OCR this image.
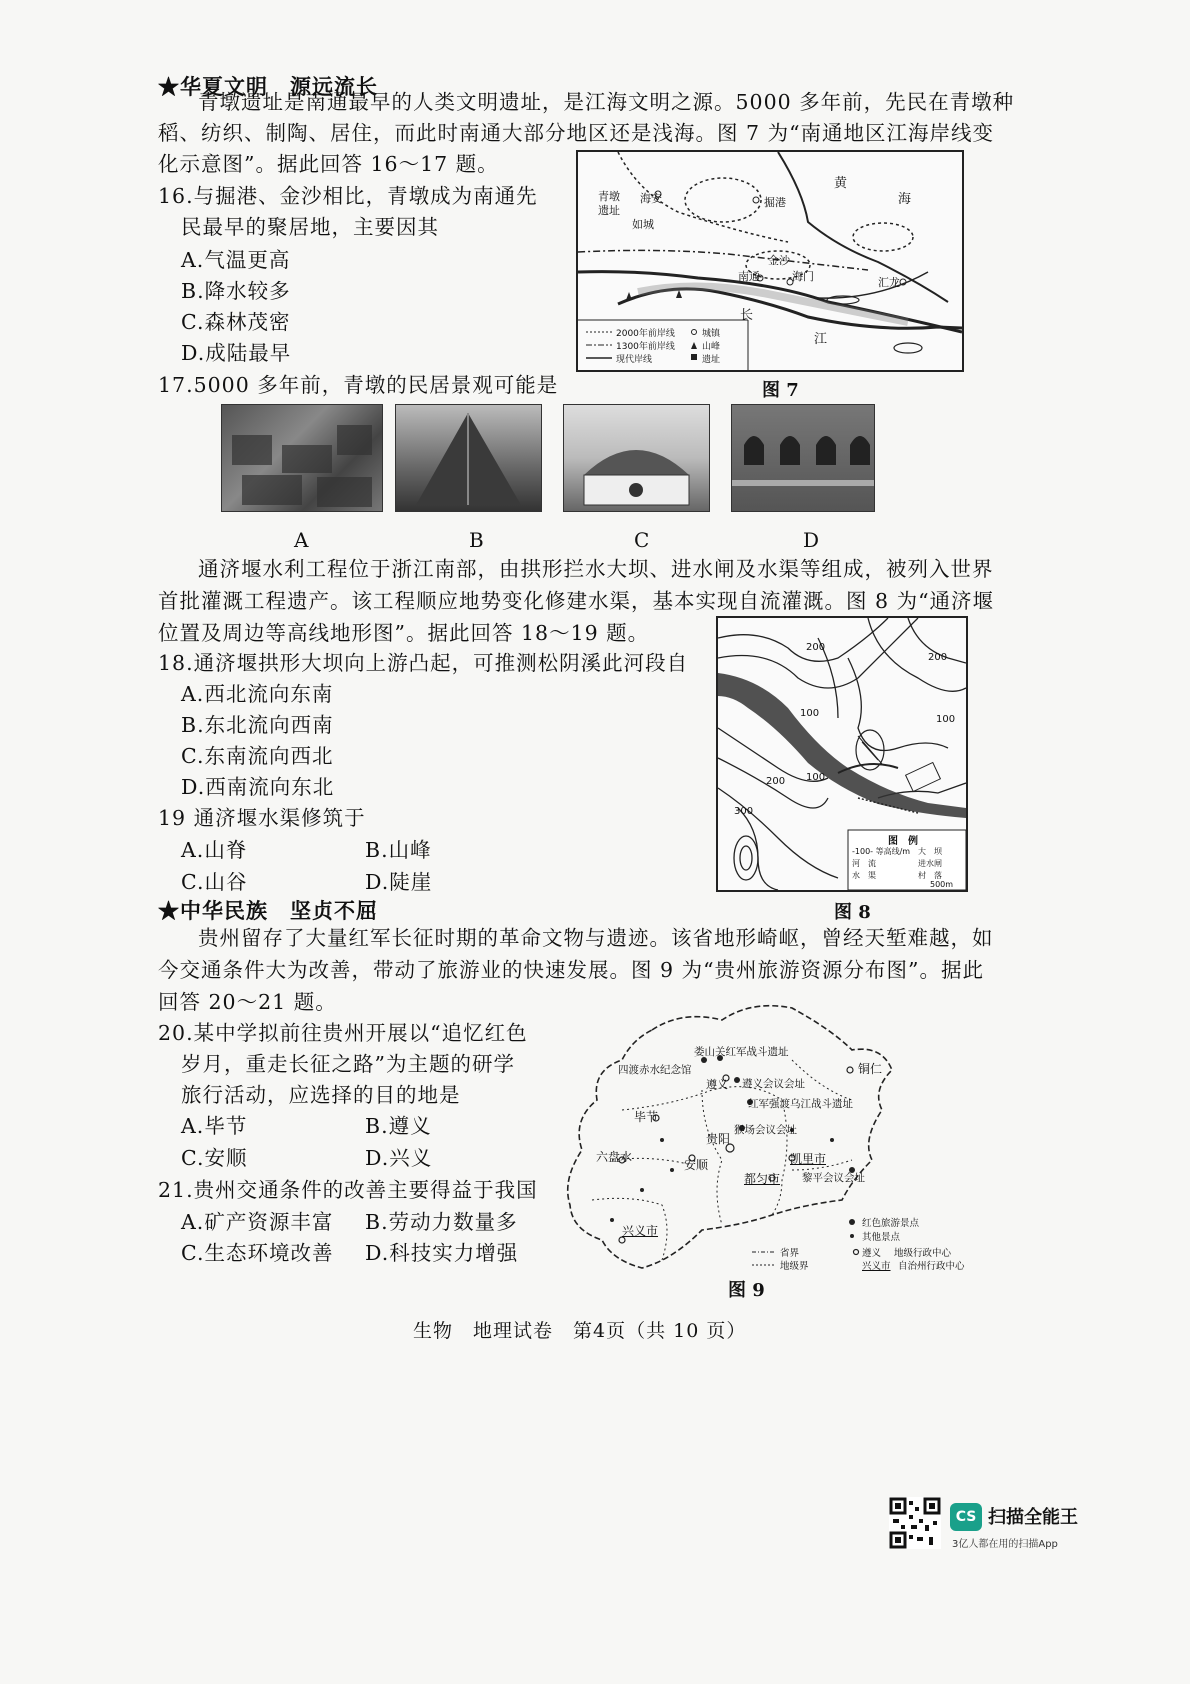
★华夏文明　源远流长
青墩遗址是南通最早的人类文明遗址，是江海文明之源。5000 多年前，先民在青墩种
稻、纺织、制陶、居住，而此时南通大部分地区还是浅海。图 7 为“南通地区江海岸线变
化示意图”。据此回答 16～17 题。
16.与掘港、金沙相比，青墩成为南通先
民最早的聚居地，主要因其
A.气温更高
B.降水较多
C.森林茂密
D.成陆最早
青墩
遗址
海安
如城
掘港
金沙
南通	海门	汇龙
黄
海
长
江
2000年前岸线
1300年前岸线
现代岸线
城镇
山峰
遗址
图 7
17.5000 多年前，青墩的民居景观可能是
A	B	C	D
通济堰水利工程位于浙江南部，由拱形拦水大坝、进水闸及水渠等组成，被列入世界
首批灌溉工程遗产。该工程顺应地势变化修建水渠，基本实现自流灌溉。图 8 为“通济堰
位置及周边等高线地形图”。据此回答 18～19 题。
18.通济堰拱形大坝向上游凸起，可推测松阴溪此河段自
A.西北流向东南
B.东北流向西南
C.东南流向西北
D.西南流向东北
19 通济堰水渠修筑于
A.山脊	B.山峰
C.山谷	D.陡崖
200
200
100
100
100
200
300
图　例
-100- 等高线/m 大　坝
河　流	进水闸
水　渠	村　落
500m
图 8
★中华民族　坚贞不屈
贵州留存了大量红军长征时期的革命文物与遗迹。该省地形崎岖，曾经天堑难越，如
今交通条件大为改善，带动了旅游业的快速发展。图 9 为“贵州旅游资源分布图”。据此
回答 20～21 题。
20.某中学拟前往贵州开展以“追忆红色
岁月，重走长征之路”为主题的研学
旅行活动，应选择的目的地是
A.毕节	B.遵义
C.安顺	D.兴义
21.贵州交通条件的改善主要得益于我国
A.矿产资源丰富 B.劳动力数量多
C.生态环境改善 D.科技实力增强
娄山关红军战斗遗址
四渡赤水纪念馆
遵义 遵义会议会址
铜仁
毕节
红军强渡乌江战斗遗址
贵阳
猴场会议会址
六盘水
安顺	凯里市
都匀市 黎平会议会址
兴义市
红色旅游景点
其他景点
省界
地级界
遵义 地级行政中心
兴义市 自治州行政中心
图 9
生物　地理试卷　第4页（共 10 页）
CS 扫描全能王
3亿人都在用的扫描App
